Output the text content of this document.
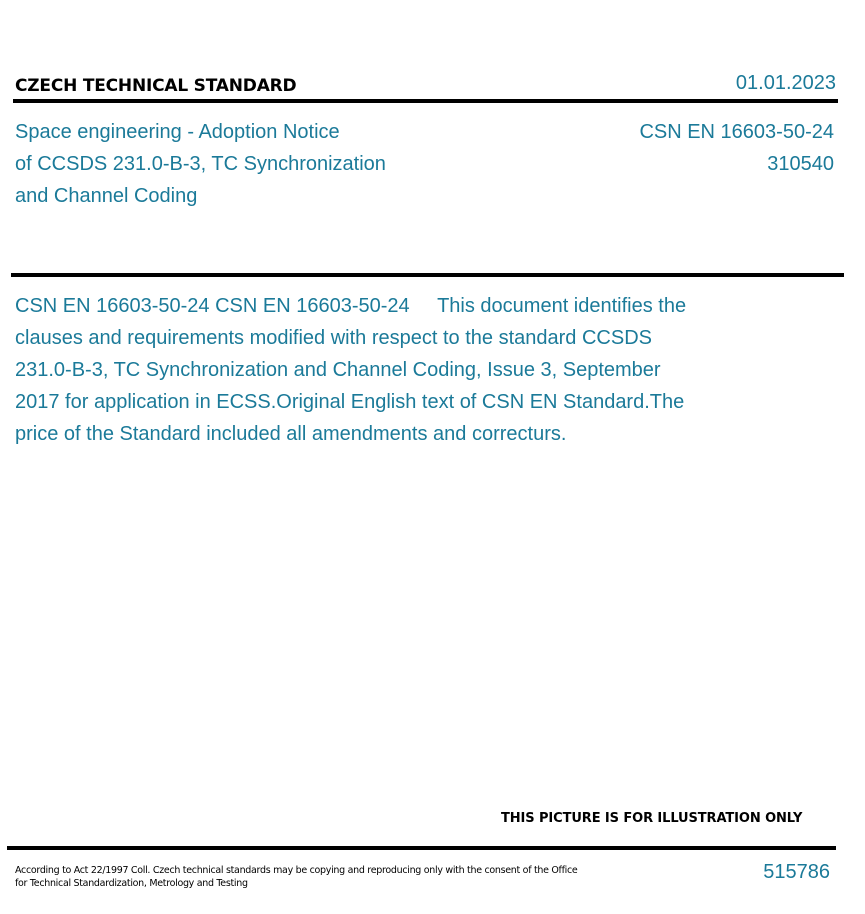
CZECH TECHNICAL STANDARD	01.01.2023
Space engineering - Adoption Notice
of CCSDS 231.0-B-3, TC Synchronization
and Channel Coding
CSN EN 16603-50-24
310540
CSN EN 16603-50-24 CSN EN 16603-50-24     This document identifies the
clauses and requirements modified with respect to the standard CCSDS
231.0-B-3, TC Synchronization and Channel Coding, Issue 3, September
2017 for application in ECSS.Original English text of CSN EN Standard.The
price of the Standard included all amendments and correcturs.
THIS PICTURE IS FOR ILLUSTRATION ONLY
According to Act 22/1997 Coll. Czech technical standards may be copying and reproducing only with the consent of the Office
for Technical Standardization, Metrology and Testing
515786
